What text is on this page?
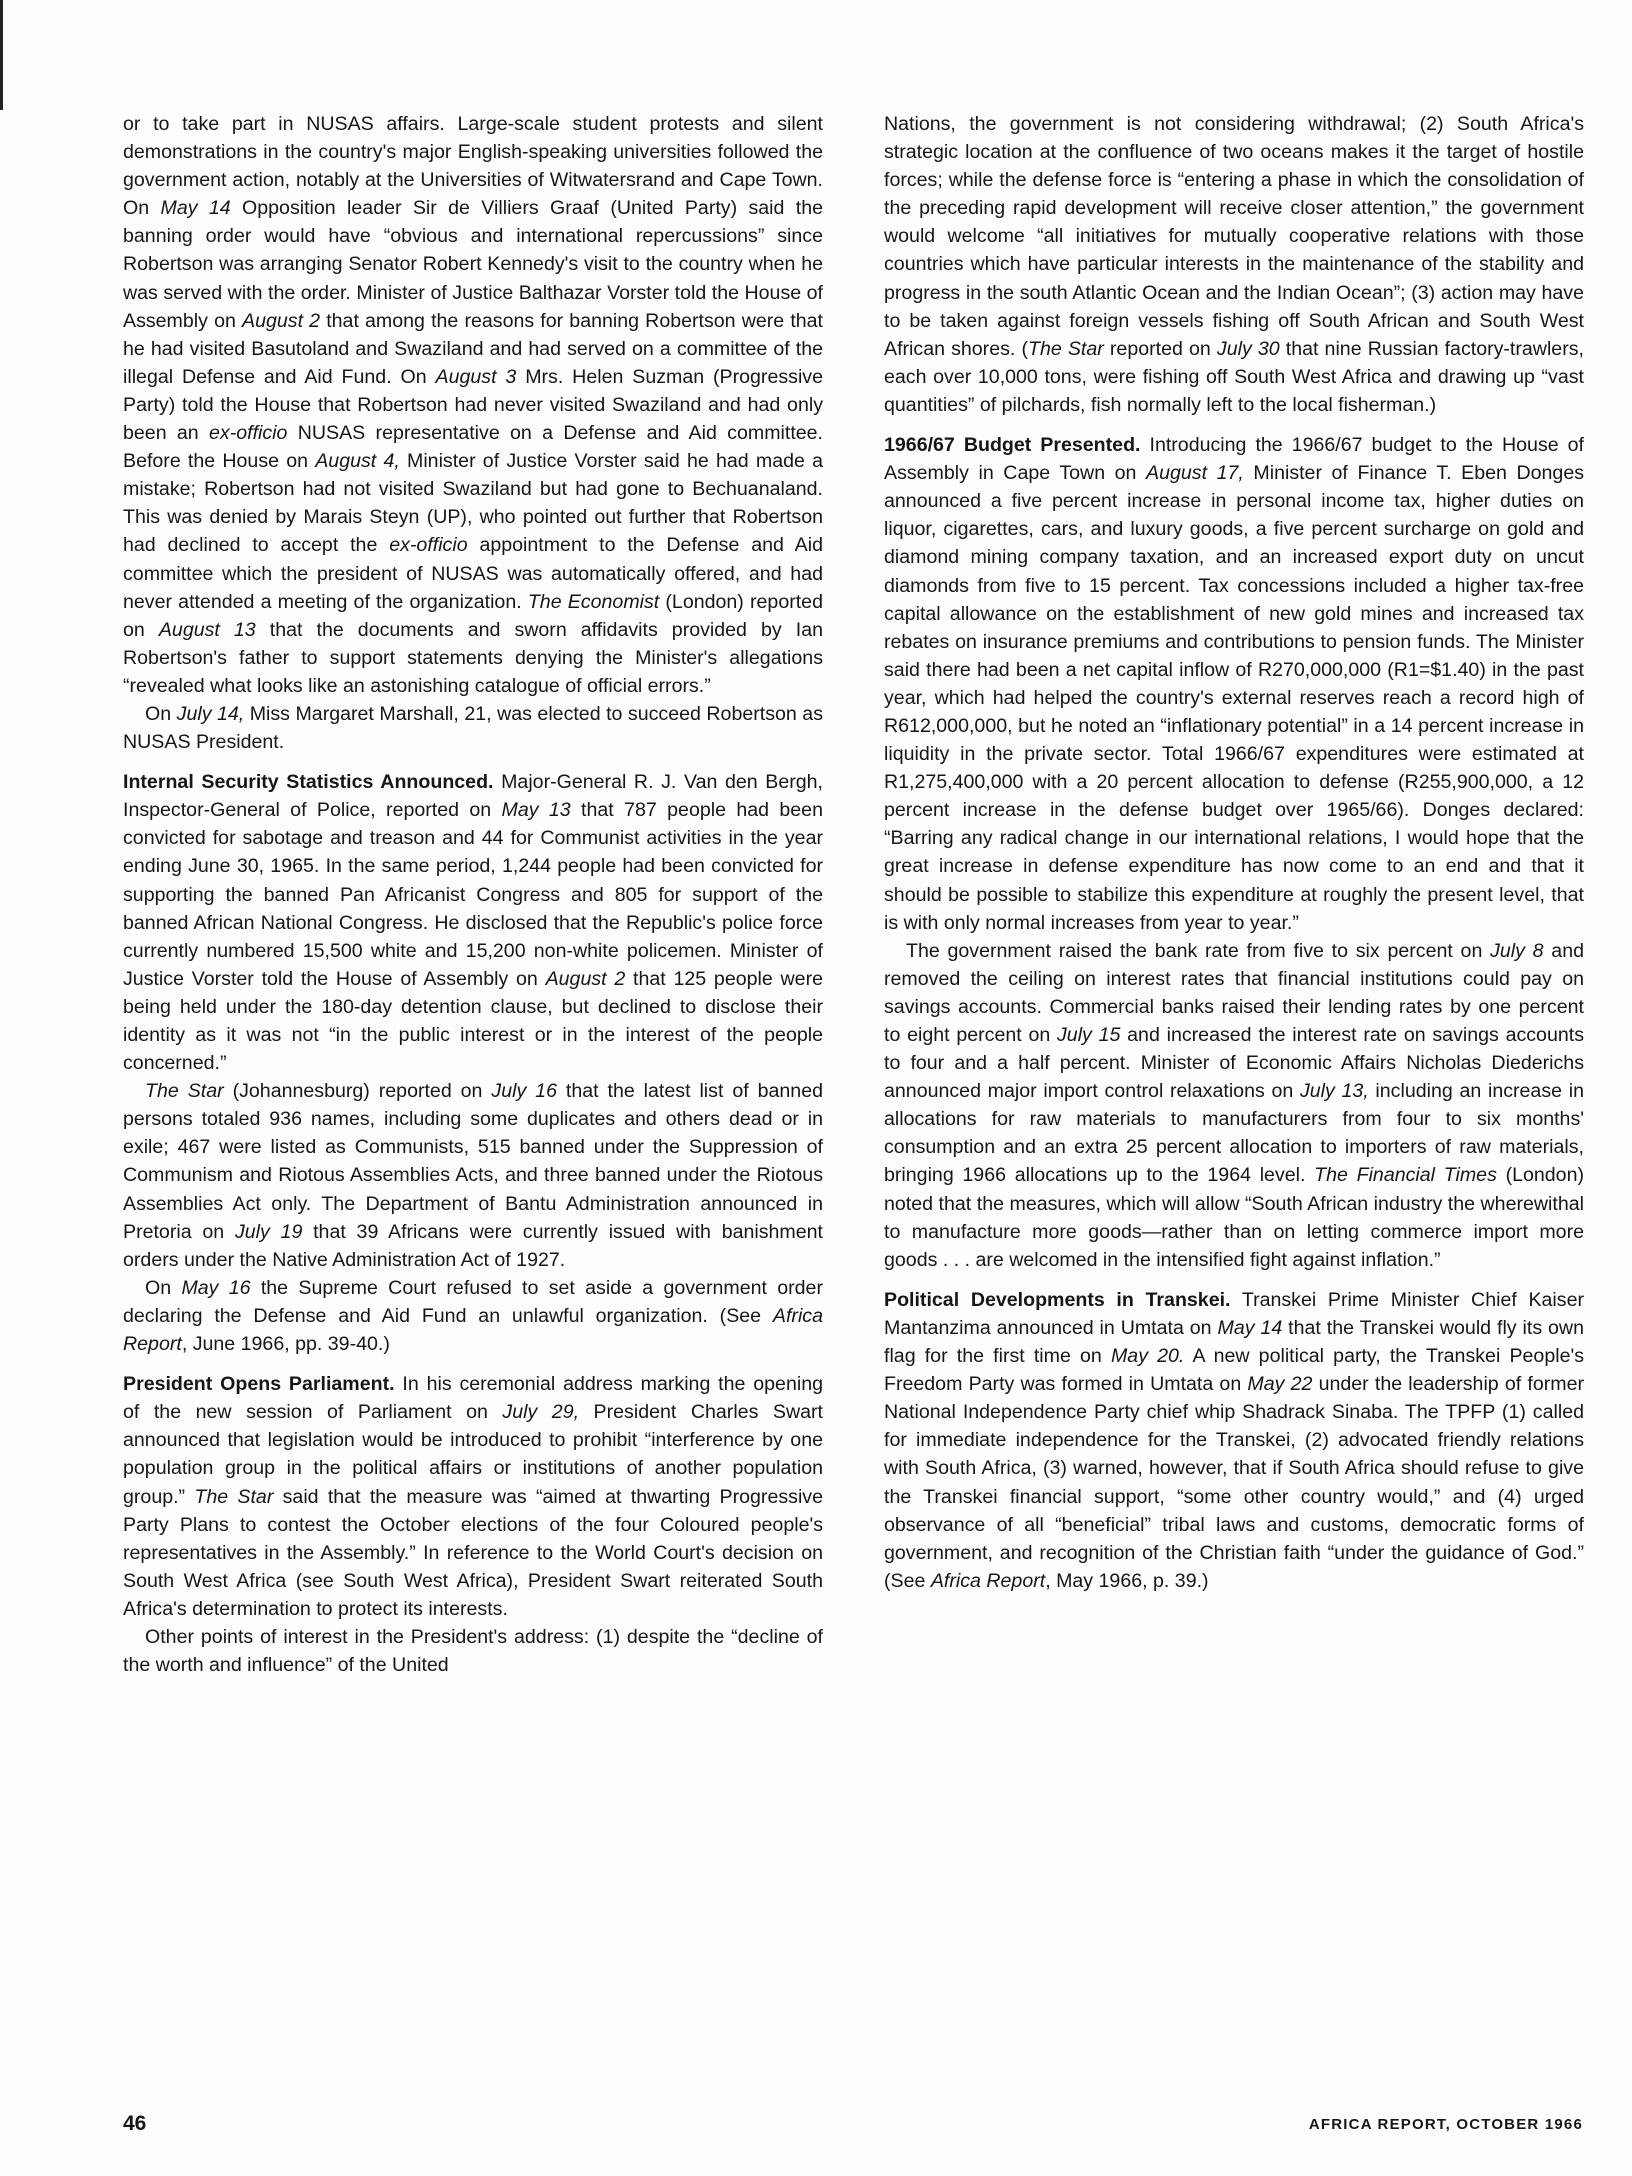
or to take part in NUSAS affairs. Large-scale student protests and silent demonstrations in the country's major English-speaking universities followed the government action, notably at the Universities of Witwatersrand and Cape Town. On May 14 Opposition leader Sir de Villiers Graaf (United Party) said the banning order would have “obvious and international repercussions” since Robertson was arranging Senator Robert Kennedy's visit to the country when he was served with the order. Minister of Justice Balthazar Vorster told the House of Assembly on August 2 that among the reasons for banning Robertson were that he had visited Basutoland and Swaziland and had served on a committee of the illegal Defense and Aid Fund. On August 3 Mrs. Helen Suzman (Progressive Party) told the House that Robertson had never visited Swaziland and had only been an ex-officio NUSAS representative on a Defense and Aid committee. Before the House on August 4, Minister of Justice Vorster said he had made a mistake; Robertson had not visited Swaziland but had gone to Bechuanaland. This was denied by Marais Steyn (UP), who pointed out further that Robertson had declined to accept the ex-officio appointment to the Defense and Aid committee which the president of NUSAS was automatically offered, and had never attended a meeting of the organization. The Economist (London) reported on August 13 that the documents and sworn affidavits provided by Ian Robertson's father to support statements denying the Minister's allegations “revealed what looks like an astonishing catalogue of official errors.”

On July 14, Miss Margaret Marshall, 21, was elected to succeed Robertson as NUSAS President.

Internal Security Statistics Announced. Major-General R. J. Van den Bergh, Inspector-General of Police, reported on May 13 that 787 people had been convicted for sabotage and treason and 44 for Communist activities in the year ending June 30, 1965. In the same period, 1,244 people had been convicted for supporting the banned Pan Africanist Congress and 805 for support of the banned African National Congress. He disclosed that the Republic's police force currently numbered 15,500 white and 15,200 non-white policemen. Minister of Justice Vorster told the House of Assembly on August 2 that 125 people were being held under the 180-day detention clause, but declined to disclose their identity as it was not “in the public interest or in the interest of the people concerned.”

The Star (Johannesburg) reported on July 16 that the latest list of banned persons totaled 936 names, including some duplicates and others dead or in exile; 467 were listed as Communists, 515 banned under the Suppression of Communism and Riotous Assemblies Acts, and three banned under the Riotous Assemblies Act only. The Department of Bantu Administration announced in Pretoria on July 19 that 39 Africans were currently issued with banishment orders under the Native Administration Act of 1927.

On May 16 the Supreme Court refused to set aside a government order declaring the Defense and Aid Fund an unlawful organization. (See Africa Report, June 1966, pp. 39-40.)

President Opens Parliament. In his ceremonial address marking the opening of the new session of Parliament on July 29, President Charles Swart announced that legislation would be introduced to prohibit “interference by one population group in the political affairs or institutions of another population group.” The Star said that the measure was “aimed at thwarting Progressive Party Plans to contest the October elections of the four Coloured people's representatives in the Assembly.” In reference to the World Court's decision on South West Africa (see South West Africa), President Swart reiterated South Africa's determination to protect its interests.

Other points of interest in the President's address: (1) despite the “decline of the worth and influence” of the United

Nations, the government is not considering withdrawal; (2) South Africa's strategic location at the confluence of two oceans makes it the target of hostile forces; while the defense force is “entering a phase in which the consolidation of the preceding rapid development will receive closer attention,” the government would welcome “all initiatives for mutually cooperative relations with those countries which have particular interests in the maintenance of the stability and progress in the south Atlantic Ocean and the Indian Ocean”; (3) action may have to be taken against foreign vessels fishing off South African and South West African shores. (The Star reported on July 30 that nine Russian factory-trawlers, each over 10,000 tons, were fishing off South West Africa and drawing up “vast quantities” of pilchards, fish normally left to the local fisherman.)

1966/67 Budget Presented. Introducing the 1966/67 budget to the House of Assembly in Cape Town on August 17, Minister of Finance T. Eben Donges announced a five percent increase in personal income tax, higher duties on liquor, cigarettes, cars, and luxury goods, a five percent surcharge on gold and diamond mining company taxation, and an increased export duty on uncut diamonds from five to 15 percent. Tax concessions included a higher tax-free capital allowance on the establishment of new gold mines and increased tax rebates on insurance premiums and contributions to pension funds. The Minister said there had been a net capital inflow of R270,000,000 (R1=$1.40) in the past year, which had helped the country's external reserves reach a record high of R612,000,000, but he noted an “inflationary potential” in a 14 percent increase in liquidity in the private sector. Total 1966/67 expenditures were estimated at R1,275,400,000 with a 20 percent allocation to defense (R255,900,000, a 12 percent increase in the defense budget over 1965/66). Donges declared: “Barring any radical change in our international relations, I would hope that the great increase in defense expenditure has now come to an end and that it should be possible to stabilize this expenditure at roughly the present level, that is with only normal increases from year to year.”

The government raised the bank rate from five to six percent on July 8 and removed the ceiling on interest rates that financial institutions could pay on savings accounts. Commercial banks raised their lending rates by one percent to eight percent on July 15 and increased the interest rate on savings accounts to four and a half percent. Minister of Economic Affairs Nicholas Diederichs announced major import control relaxations on July 13, including an increase in allocations for raw materials to manufacturers from four to six months' consumption and an extra 25 percent allocation to importers of raw materials, bringing 1966 allocations up to the 1964 level. The Financial Times (London) noted that the measures, which will allow “South African industry the wherewithal to manufacture more goods—rather than on letting commerce import more goods . . . are welcomed in the intensified fight against inflation.”

Political Developments in Transkei. Transkei Prime Minister Chief Kaiser Mantanzima announced in Umtata on May 14 that the Transkei would fly its own flag for the first time on May 20. A new political party, the Transkei People's Freedom Party was formed in Umtata on May 22 under the leadership of former National Independence Party chief whip Shadrack Sinaba. The TPFP (1) called for immediate independence for the Transkei, (2) advocated friendly relations with South Africa, (3) warned, however, that if South Africa should refuse to give the Transkei financial support, “some other country would,” and (4) urged observance of all “beneficial” tribal laws and customs, democratic forms of government, and recognition of the Christian faith “under the guidance of God.” (See Africa Report, May 1966, p. 39.)

46	AFRICA REPORT, OCTOBER 1966
